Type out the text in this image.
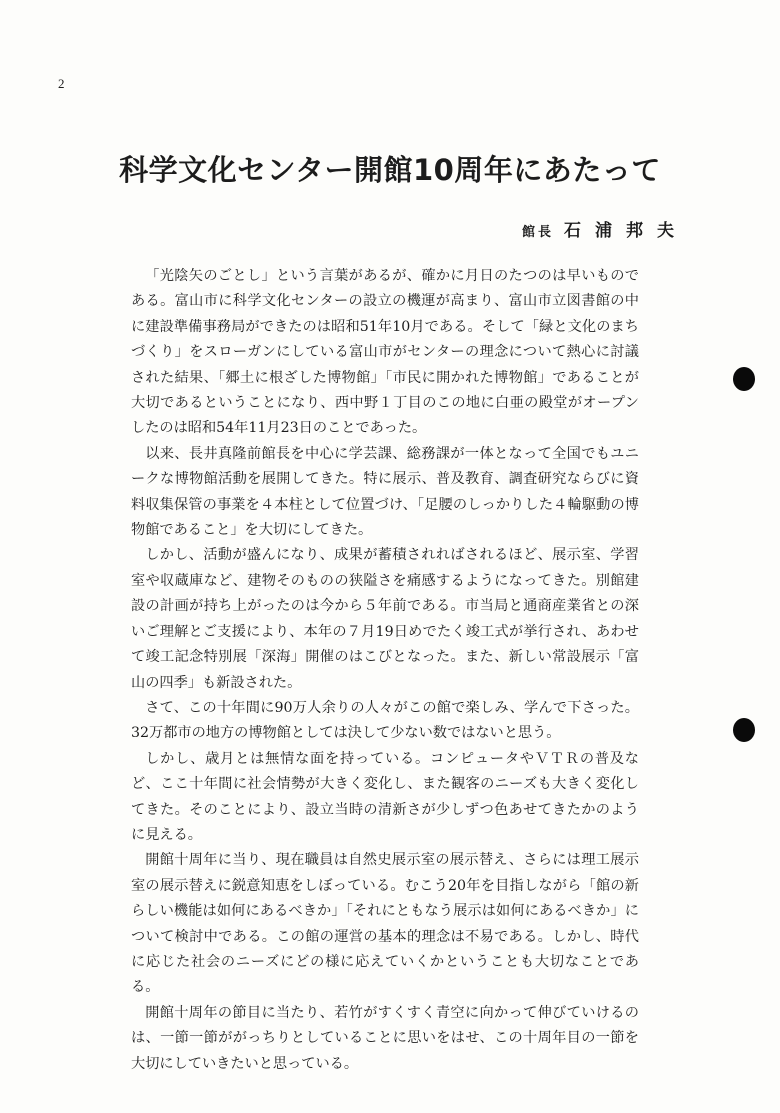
2
科学文化センター開館10周年にあたって
館長 石浦邦夫

「光陰矢のごとし」という言葉があるが、確かに月日のたつのは早いものである。富山市に科学文化センターの設立の機運が高まり、富山市立図書館の中に建設準備事務局ができたのは昭和51年10月である。そして「緑と文化のまちづくり」をスローガンにしている富山市がセンターの理念について熱心に討議された結果、「郷土に根ざした博物館」「市民に開かれた博物館」であることが大切であるということになり、西中野１丁目のこの地に白亜の殿堂がオープンしたのは昭和54年11月23日のことであった。

以来、長井真隆前館長を中心に学芸課、総務課が一体となって全国でもユニークな博物館活動を展開してきた。特に展示、普及教育、調査研究ならびに資料収集保管の事業を４本柱として位置づけ、「足腰のしっかりした４輪駆動の博物館であること」を大切にしてきた。

しかし、活動が盛んになり、成果が蓄積されればされるほど、展示室、学習室や収蔵庫など、建物そのものの狭隘さを痛感するようになってきた。別館建設の計画が持ち上がったのは今から５年前である。市当局と通商産業省との深いご理解とご支援により、本年の７月19日めでたく竣工式が挙行され、あわせて竣工記念特別展「深海」開催のはこびとなった。また、新しい常設展示「富山の四季」も新設された。

さて、この十年間に90万人余りの人々がこの館で楽しみ、学んで下さった。32万都市の地方の博物館としては決して少ない数ではないと思う。

しかし、歳月とは無情な面を持っている。コンピュータやＶＴＲの普及など、ここ十年間に社会情勢が大きく変化し、また観客のニーズも大きく変化してきた。そのことにより、設立当時の清新さが少しずつ色あせてきたかのように見える。

開館十周年に当り、現在職員は自然史展示室の展示替え、さらには理工展示室の展示替えに鋭意知恵をしぼっている。むこう20年を目指しながら「館の新らしい機能は如何にあるべきか」「それにともなう展示は如何にあるべきか」について検討中である。この館の運営の基本的理念は不易である。しかし、時代に応じた社会のニーズにどの様に応えていくかということも大切なことである。

開館十周年の節目に当たり、若竹がすくすく青空に向かって伸びていけるのは、一節一節ががっちりとしていることに思いをはせ、この十周年目の一節を大切にしていきたいと思っている。
